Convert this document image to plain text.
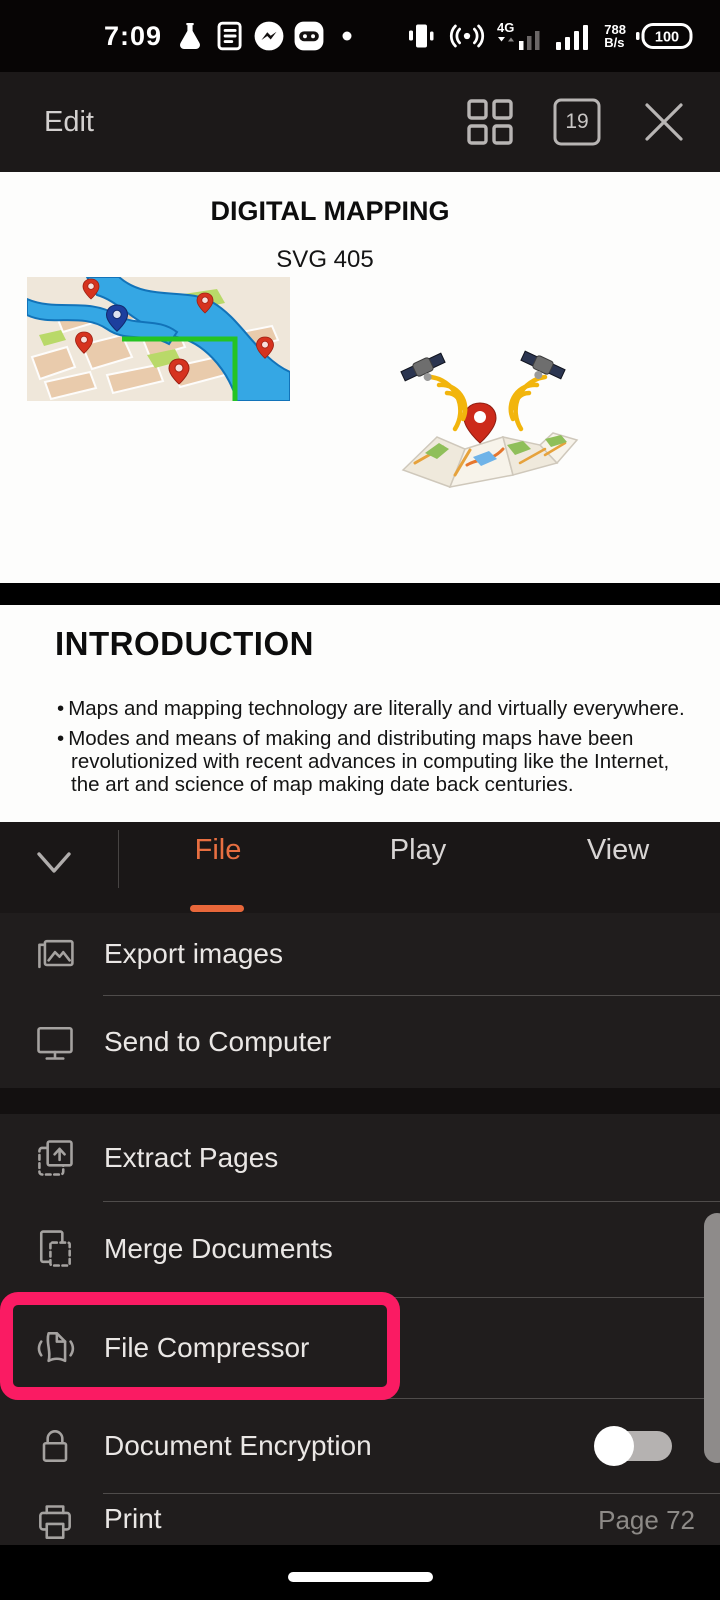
7:09	4G	788
B/s 100
Edit	19
DIGITAL MAPPING
SVG 405
INTRODUCTION
• Maps and mapping technology are literally and virtually everywhere.
• Modes and means of making and distributing maps have been revolutionized with recent advances in computing like the Internet, the art and science of map making date back centuries.
File	Play	View
Export images
Send to Computer
Extract Pages
Merge Documents
File Compressor
Document Encryption
Print	Page 72
